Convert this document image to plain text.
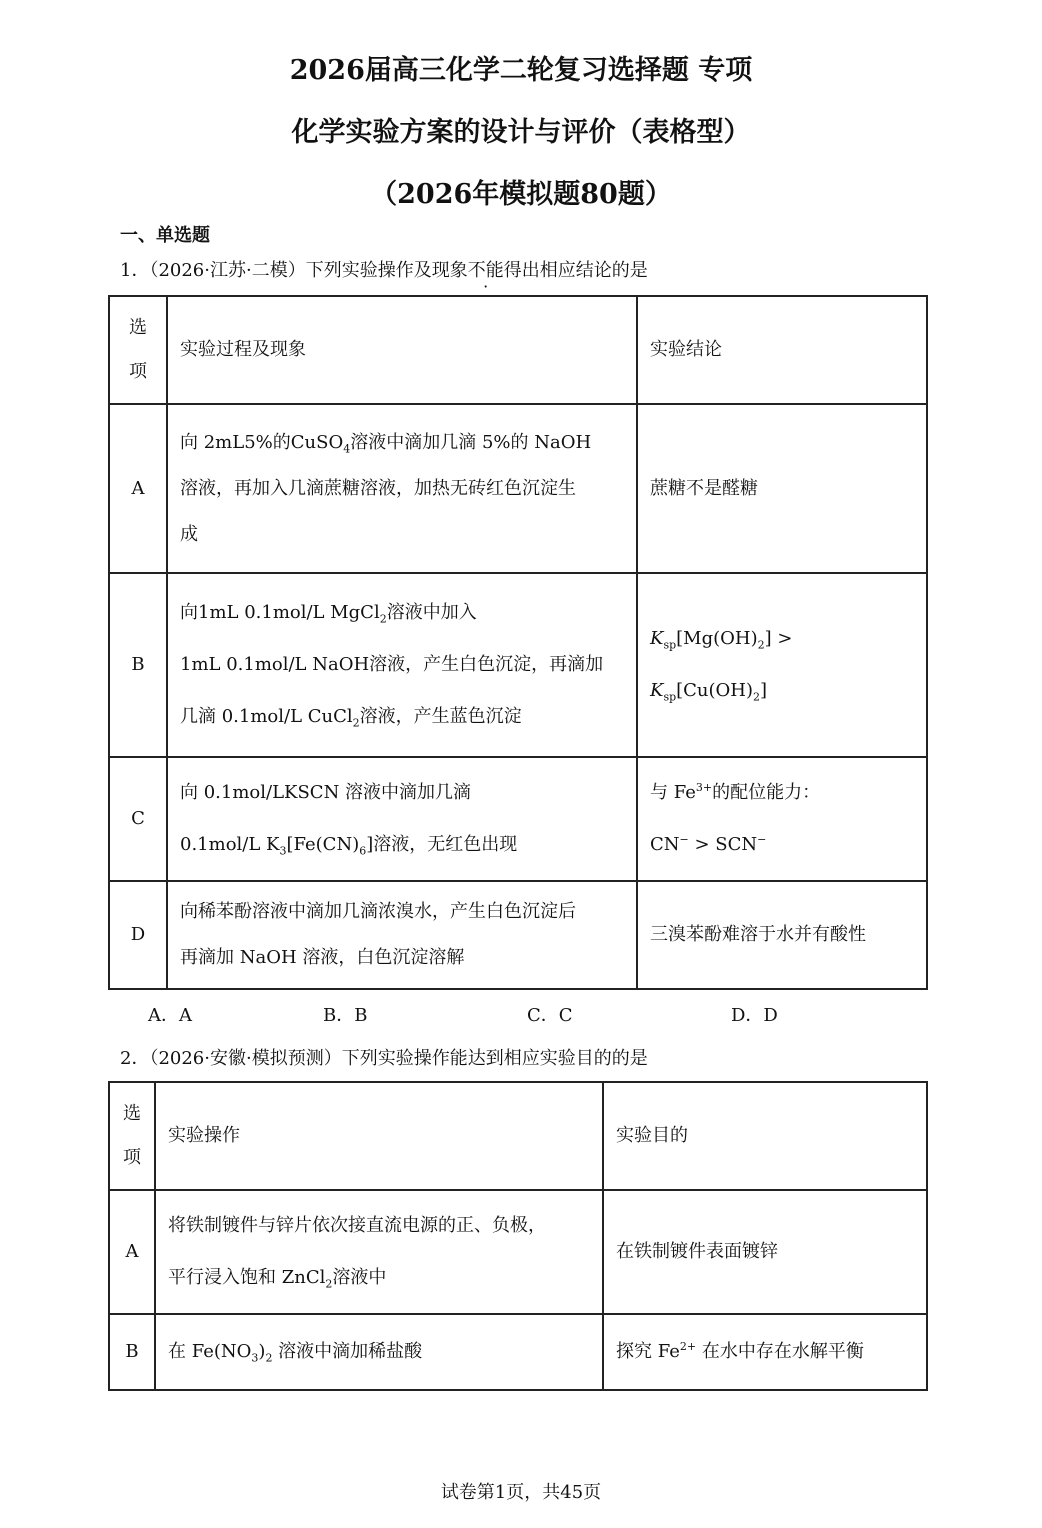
2026届高三化学二轮复习选择题 专项
化学实验方案的设计与评价（表格型）
（2026年模拟题80题）
一、单选题
1．（2026·江苏·二模）下列实验操作及现象不能得出相应结论的是
选

项	实验过程及现象	实验结论
A	向 2mL5%的CuSO$_4$溶液中滴加几滴 5%的 NaOH
溶液，再加入几滴蔗糖溶液，加热无砖红色沉淀生
成	蔗糖不是醛糖
B	向1mL 0.1mol/L MgCl$_2$溶液中加入
1mL 0.1mol/L NaOH溶液，产生白色沉淀，再滴加
几滴 0.1mol/L CuCl$_2$溶液，产生蓝色沉淀	$K_{sp}[Mg(OH)_2] > K_{sp}[Cu(OH)_2]$
C	向 0.1mol/LKSCN 溶液中滴加几滴
0.1mol/L $K_3[Fe(CN)_6]$溶液，无红色出现	与 $Fe^{3+}$的配位能力：
CN− > SCN−
D	向稀苯酚溶液中滴加几滴浓溴水，产生白色沉淀后
再滴加 NaOH 溶液，白色沉淀溶解	三溴苯酚难溶于水并有酸性
A．A	B．B	C．C	D．D
2．（2026·安徽·模拟预测）下列实验操作能达到相应实验目的的是
选

项	实验操作	实验目的
A	将铁制镀件与锌片依次接直流电源的正、负极，
平行浸入饱和 ZnCl$_2$溶液中	在铁制镀件表面镀锌
B	在 $Fe(NO_3)_2$ 溶液中滴加稀盐酸	探究 $Fe^{2+}$ 在水中存在水解平衡
试卷第1页，共45页
